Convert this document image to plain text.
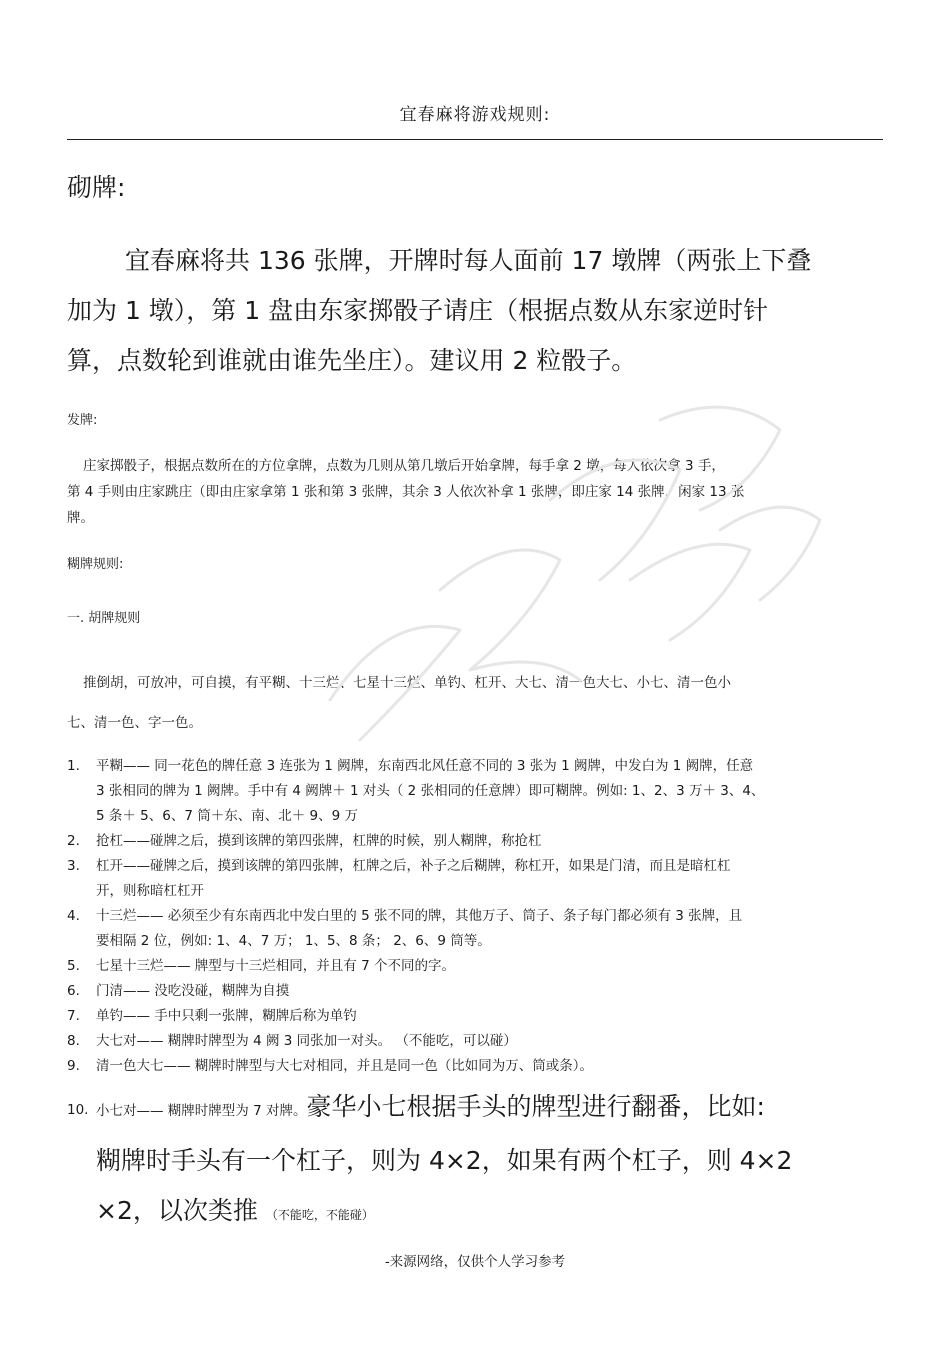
宜春麻将游戏规则:
砌牌:
宜春麻将共 136 张牌，开牌时每人面前 17 墩牌（两张上下叠
加为 1 墩），第 1 盘由东家掷骰子请庄（根据点数从东家逆时针
算，点数轮到谁就由谁先坐庄）。建议用 2 粒骰子。
发牌:
庄家掷骰子，根据点数所在的方位拿牌，点数为几则从第几墩后开始拿牌，每手拿 2 墩，每人依次拿 3 手，
第 4 手则由庄家跳庄（即由庄家拿第 1 张和第 3 张牌，其余 3 人依次补拿 1 张牌，即庄家 14 张牌，闲家 13 张
牌。
糊牌规则:
一. 胡牌规则
推倒胡，可放冲，可自摸，有平糊、十三烂、七星十三烂、单钓、杠开、大七、清一色大七、小七、清一色小
七、清一色、字一色。
1. 平糊—— 同一花色的牌任意 3 连张为 1 阙牌，东南西北风任意不同的 3 张为 1 阙牌，中发白为 1 阙牌，任意
3 张相同的牌为 1 阙牌。手中有 4 阙牌＋ 1 对头（ 2 张相同的任意牌）即可糊牌。例如: 1、2、3 万＋ 3、4、
5 条＋ 5、6、7 筒＋东、南、北＋ 9、9 万
2. 抢杠——碰牌之后，摸到该牌的第四张牌，杠牌的时候，别人糊牌，称抢杠
3. 杠开——碰牌之后，摸到该牌的第四张牌，杠牌之后，补子之后糊牌，称杠开，如果是门清，而且是暗杠杠
开，则称暗杠杠开
4. 十三烂—— 必须至少有东南西北中发白里的 5 张不同的牌，其他万子、筒子、条子每门都必须有 3 张牌，且
要相隔 2 位，例如: 1、4、7 万； 1、5、8 条； 2、6、9 筒等。
5. 七星十三烂—— 牌型与十三烂相同，并且有 7 个不同的字。
6. 门清—— 没吃没碰，糊牌为自摸
7. 单钓—— 手中只剩一张牌，糊牌后称为单钓
8. 大七对—— 糊牌时牌型为 4 阙 3 同张加一对头。 （不能吃，可以碰）
9. 清一色大七—— 糊牌时牌型与大七对相同，并且是同一色（比如同为万、筒或条）。
10. 小七对—— 糊牌时牌型为 7 对牌。豪华小七根据手头的牌型进行翻番，比如:
糊牌时手头有一个杠子，则为 4×2，如果有两个杠子，则 4×2
×2，以次类推 （不能吃，不能碰）
-来源网络，仅供个人学习参考
